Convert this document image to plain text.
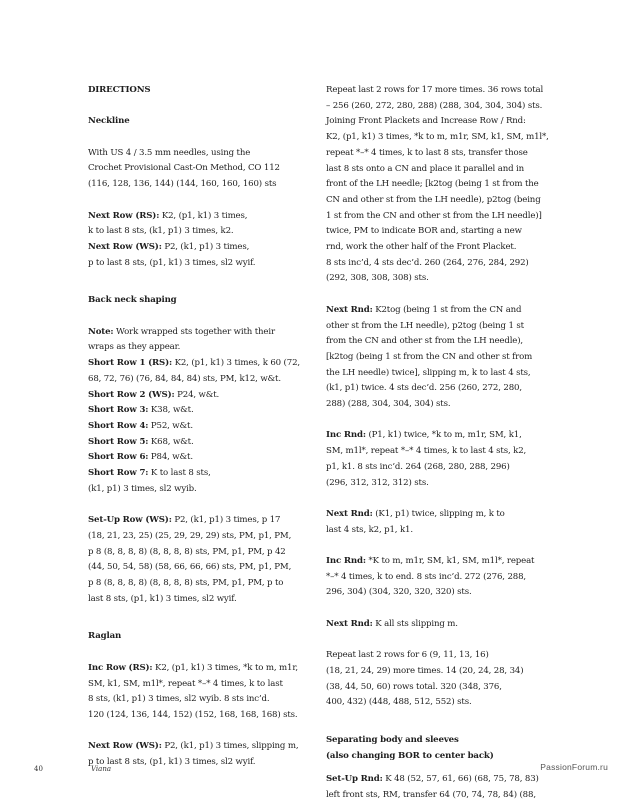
DIRECTIONS

Neckline

With US 4 / 3.5 mm needles, using the

Crochet Provisional Cast-On Method, CO 112

(116, 128, 136, 144) (144, 160, 160, 160) sts

Next Row (RS): K2, (p1, k1) 3 times,

k to last 8 sts, (k1, p1) 3 times, k2.

Next Row (WS): P2, (k1, p1) 3 times,

p to last 8 sts, (p1, k1) 3 times, sl2 wyif.

Back neck shaping

Note: Work wrapped sts together with their

wraps as they appear.

Short Row 1 (RS): K2, (p1, k1) 3 times, k 60 (72,

68, 72, 76) (76, 84, 84, 84) sts, PM, k12, w&t.

Short Row 2 (WS): P24, w&t.

Short Row 3: K38, w&t.

Short Row 4: P52, w&t.

Short Row 5: K68, w&t.

Short Row 6: P84, w&t.

Short Row 7: K to last 8 sts,

(k1, p1) 3 times, sl2 wyib.

Set-Up Row (WS): P2, (k1, p1) 3 times, p 17

(18, 21, 23, 25) (25, 29, 29, 29) sts, PM, p1, PM,

p 8 (8, 8, 8, 8) (8, 8, 8, 8) sts, PM, p1, PM, p 42

(44, 50, 54, 58) (58, 66, 66, 66) sts, PM, p1, PM,

p 8 (8, 8, 8, 8) (8, 8, 8, 8) sts, PM, p1, PM, p to

last 8 sts, (p1, k1) 3 times, sl2 wyif.

Raglan

Inc Row (RS): K2, (p1, k1) 3 times, *k to m, m1r,

SM, k1, SM, m1l*, repeat *–* 4 times, k to last

8 sts, (k1, p1) 3 times, sl2 wyib. 8 sts inc’d.

120 (124, 136, 144, 152) (152, 168, 168, 168) sts.

Next Row (WS): P2, (k1, p1) 3 times, slipping m,

p to last 8 sts, (p1, k1) 3 times, sl2 wyif.

Repeat last 2 rows for 17 more times. 36 rows total

– 256 (260, 272, 280, 288) (288, 304, 304, 304) sts.

Joining Front Plackets and Increase Row / Rnd:

K2, (p1, k1) 3 times, *k to m, m1r, SM, k1, SM, m1l*,

repeat *–* 4 times, k to last 8 sts, transfer those

last 8 sts onto a CN and place it parallel and in

front of the LH needle; [k2tog (being 1 st from the

CN and other st from the LH needle), p2tog (being

1 st from the CN and other st from the LH needle)]

twice, PM to indicate BOR and, starting a new

rnd, work the other half of the Front Placket.

8 sts inc’d, 4 sts dec’d. 260 (264, 276, 284, 292)

(292, 308, 308, 308) sts.

Next Rnd: K2tog (being 1 st from the CN and

other st from the LH needle), p2tog (being 1 st

from the CN and other st from the LH needle),

[k2tog (being 1 st from the CN and other st from

the LH needle) twice], slipping m, k to last 4 sts,

(k1, p1) twice. 4 sts dec’d. 256 (260, 272, 280,

288) (288, 304, 304, 304) sts.

Inc Rnd: (P1, k1) twice, *k to m, m1r, SM, k1,

SM, m1l*, repeat *–* 4 times, k to last 4 sts, k2,

p1, k1. 8 sts inc’d. 264 (268, 280, 288, 296)

(296, 312, 312, 312) sts.

Next Rnd: (K1, p1) twice, slipping m, k to

last 4 sts, k2, p1, k1.

Inc Rnd: *K to m, m1r, SM, k1, SM, m1l*, repeat

*–* 4 times, k to end. 8 sts inc’d. 272 (276, 288,

296, 304) (304, 320, 320, 320) sts.

Next Rnd: K all sts slipping m.

Repeat last 2 rows for 6 (9, 11, 13, 16)

(18, 21, 24, 29) more times. 14 (20, 24, 28, 34)

(38, 44, 50, 60) rows total. 320 (348, 376,

400, 432) (448, 488, 512, 552) sts.

Separating body and sleeves

(also changing BOR to center back)

Set-Up Rnd: K 48 (52, 57, 61, 66) (68, 75, 78, 83)

left front sts, RM, transfer 64 (70, 74, 78, 84) (88,

40	Viana	PassionForum.ru
